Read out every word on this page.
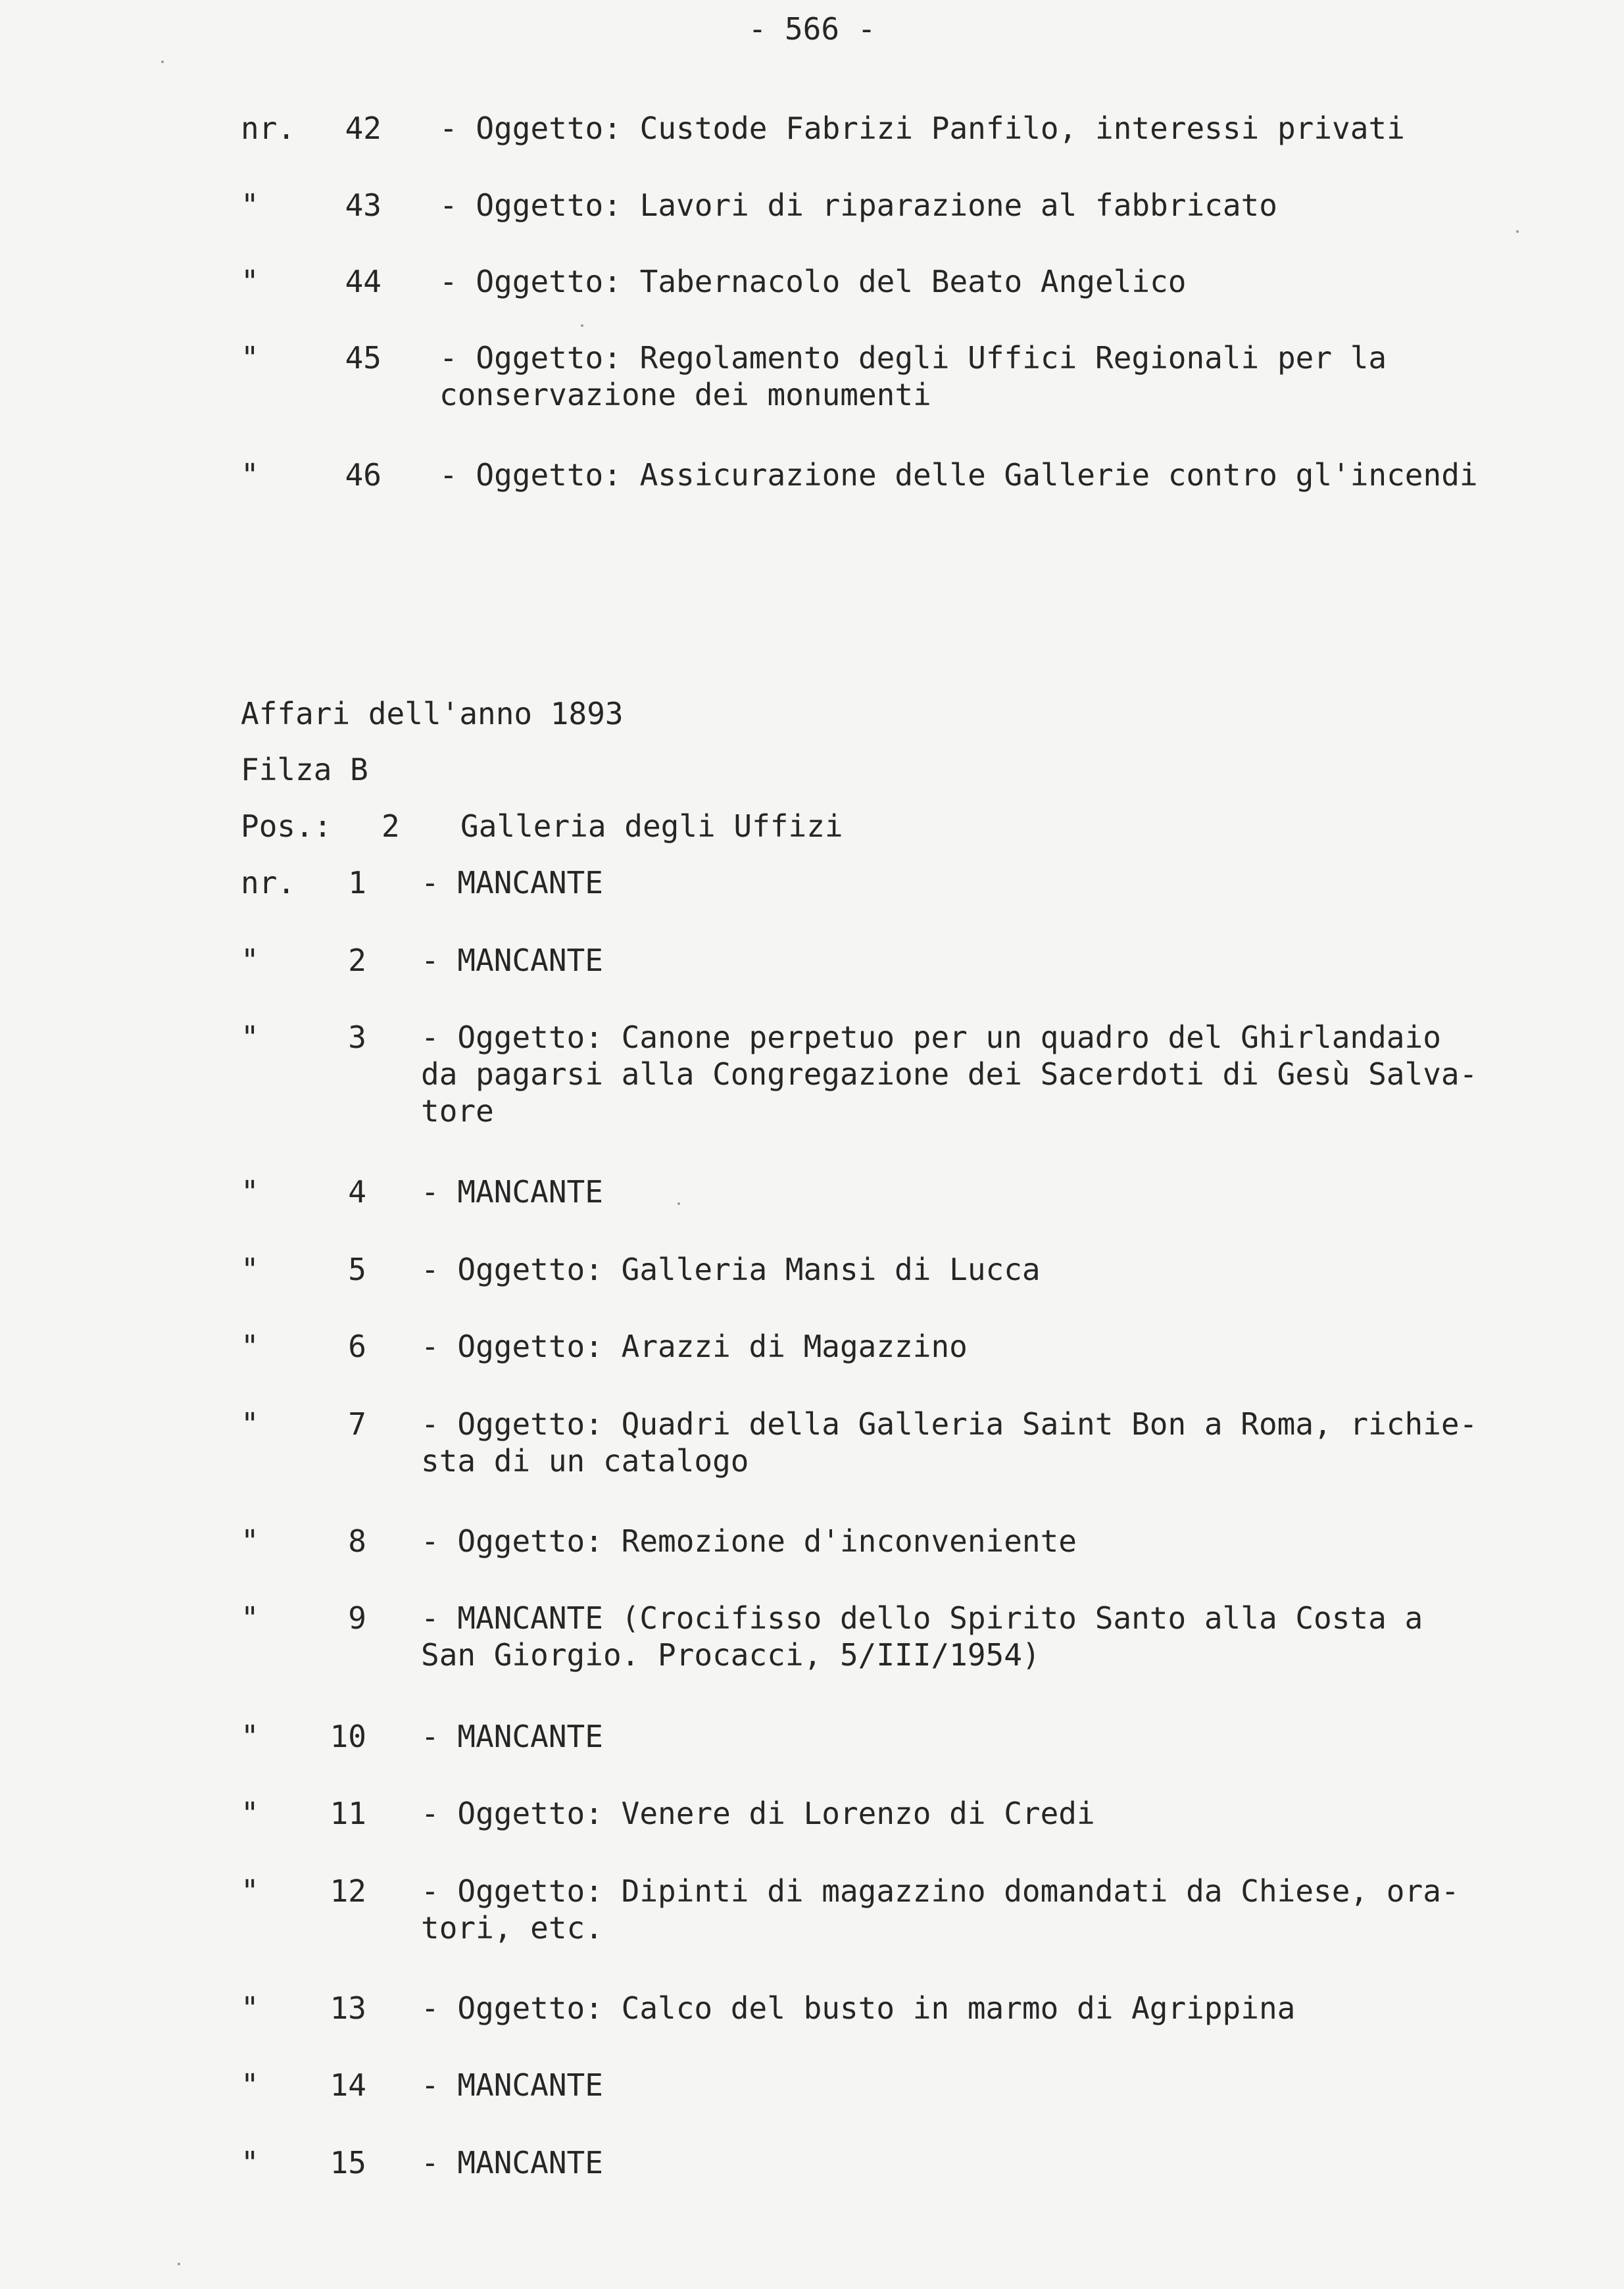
- 566 -
nr.	42 - Oggetto: Custode Fabrizi Panfilo, interessi privati
"	43 - Oggetto: Lavori di riparazione al fabbricato
"	44 - Oggetto: Tabernacolo del Beato Angelico
"	45 - Oggetto: Regolamento degli Uffici Regionali per la
conservazione dei monumenti
"	46 - Oggetto: Assicurazione delle Gallerie contro gl'incendi
Affari dell'anno 1893
Filza B
Pos.: 2 Galleria degli Uffizi
nr.	1 - MANCANTE
"	2 - MANCANTE
"	3 - Oggetto: Canone perpetuo per un quadro del Ghirlandaio
da pagarsi alla Congregazione dei Sacerdoti di Gesù Salva-
tore
"	4 - MANCANTE
"	5 - Oggetto: Galleria Mansi di Lucca
"	6 - Oggetto: Arazzi di Magazzino
"	7 - Oggetto: Quadri della Galleria Saint Bon a Roma, richie-
sta di un catalogo
"	8 - Oggetto: Remozione d'inconveniente
"	9 - MANCANTE (Crocifisso dello Spirito Santo alla Costa a
San Giorgio. Procacci, 5/III/1954)
"	10 - MANCANTE
"	11 - Oggetto: Venere di Lorenzo di Credi
"	12 - Oggetto: Dipinti di magazzino domandati da Chiese, ora-
tori, etc.
"	13 - Oggetto: Calco del busto in marmo di Agrippina
"	14 - MANCANTE
"	15 - MANCANTE
